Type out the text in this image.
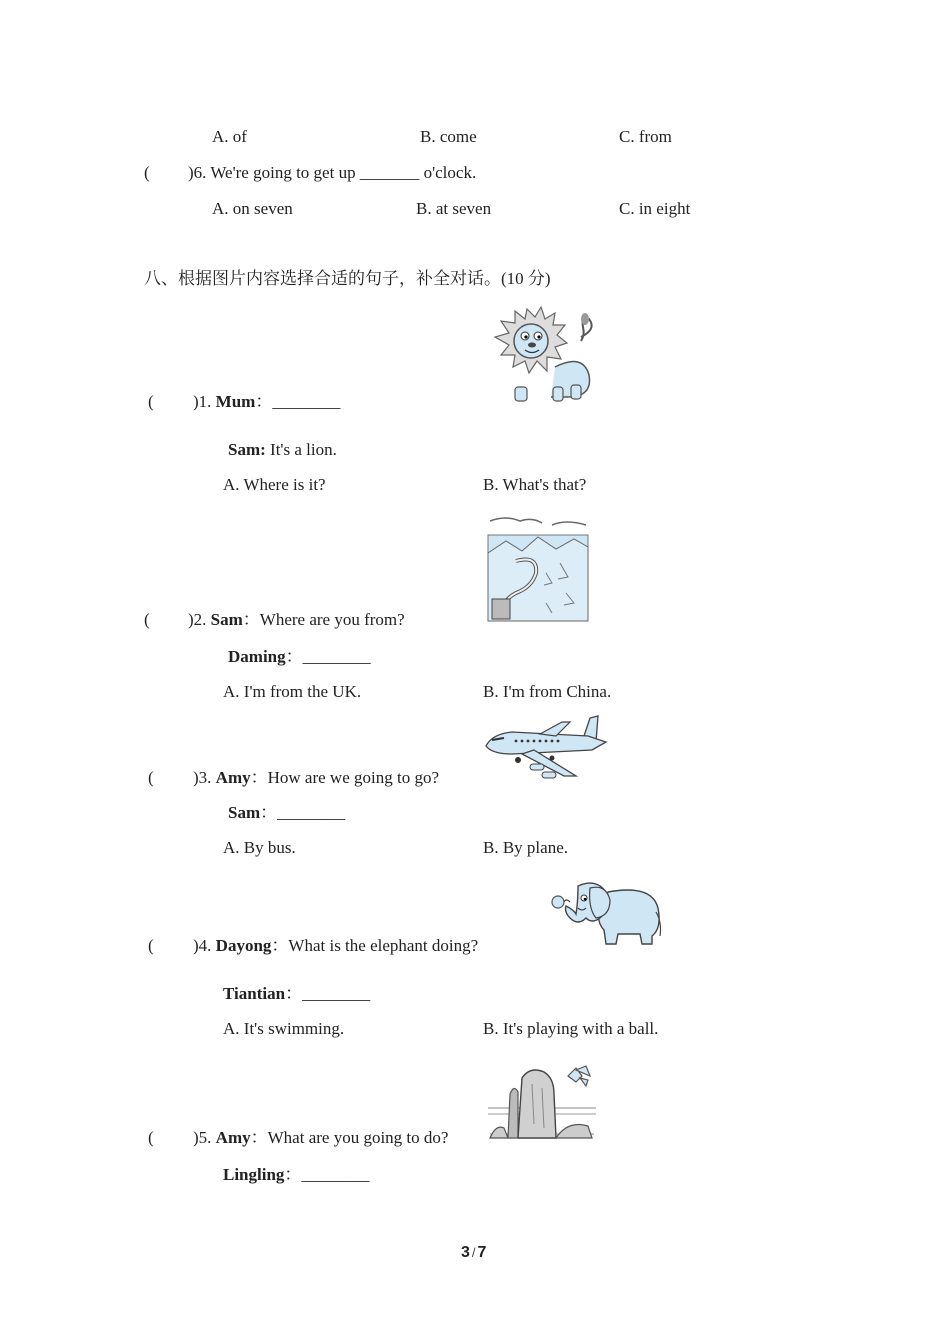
A. of	B. come	C. from
( )6. We're going to get up _______ o'clock.
A. on seven	B. at seven	C. in eight
八、根据图片内容选择合适的句子，补全对话。(10 分)
( )1. Mum：________
Sam: It's a lion.
A. Where is it?	B. What's that?
( )2. Sam：Where are you from?
Daming：________
A. I'm from the UK.	B. I'm from China.
( )3. Amy：How are we going to go?
Sam：________
A. By bus.	B. By plane.
( )4. Dayong：What is the elephant doing?
Tiantian：________
A. It's swimming.	B. It's playing with a ball.
( )5. Amy：What are you going to do?
Lingling：________
3 / 7
